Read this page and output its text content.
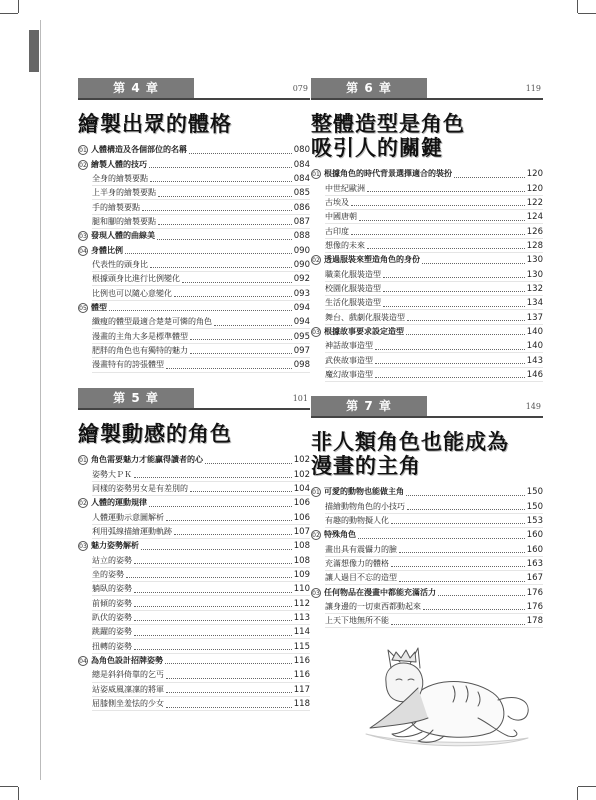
第 4 章	079
繪製出眾的體格
01 人體構造及各個部位的名稱	080
02 繪製人體的技巧	084
全身的繪製要點	084
上半身的繪製要點	085
手的繪製要點	086
腿和腳的繪製要點	087
03 發現人體的曲線美	088
04 身體比例	090
代表性的頭身比	090
根據頭身比進行比例變化	092
比例也可以隨心意變化	093
05 體型	094
纖瘦的體型最適合楚楚可憐的角色	094
漫畫的主角大多是標準體型	095
肥胖的角色也有獨特的魅力	097
漫畫特有的誇張體型	098
第 5 章	101
繪製動感的角色
01 角色需要魅力才能贏得讀者的心	102
姿勢大ＰＫ	102
同樣的姿勢男女是有差別的	104
02 人體的運動規律	106
人體運動示意圖解析	106
利用弧線描繪運動軌跡	107
03 魅力姿勢解析	108
站立的姿勢	108
坐的姿勢	109
躺臥的姿勢	110
前傾的姿勢	112
趴伏的姿勢	113
跳躍的姿勢	114
扭轉的姿勢	115
04 為角色設計招牌姿勢	116
總是斜斜倚靠的乞丐	116
站姿威風凜凜的將軍	117
屈膝側坐羞怯的少女	118
第 6 章	119
整體造型是角色
吸引人的關鍵
01 根據角色的時代背景選擇適合的裝扮	120
中世紀歐洲	120
古埃及	122
中國唐朝	124
古印度	126
想像的未來	128
02 透過服裝來塑造角色的身份	130
職業化服裝造型	130
校園化服裝造型	132
生活化服裝造型	134
舞台、戲劇化服裝造型	137
03 根據故事要求設定造型	140
神話故事造型	140
武俠故事造型	143
魔幻故事造型	146
第 7 章	149
非人類角色也能成為
漫畫的主角
01 可愛的動物也能做主角	150
描繪動物角色的小技巧	150
有趣的動物擬人化	153
02 特殊角色	160
畫出具有震懾力的臉	160
充滿想像力的體格	163
讓人過目不忘的造型	167
03 任何物品在漫畫中都能充滿活力	176
讓身邊的一切東西都動起來	176
上天下地無所不能	178
